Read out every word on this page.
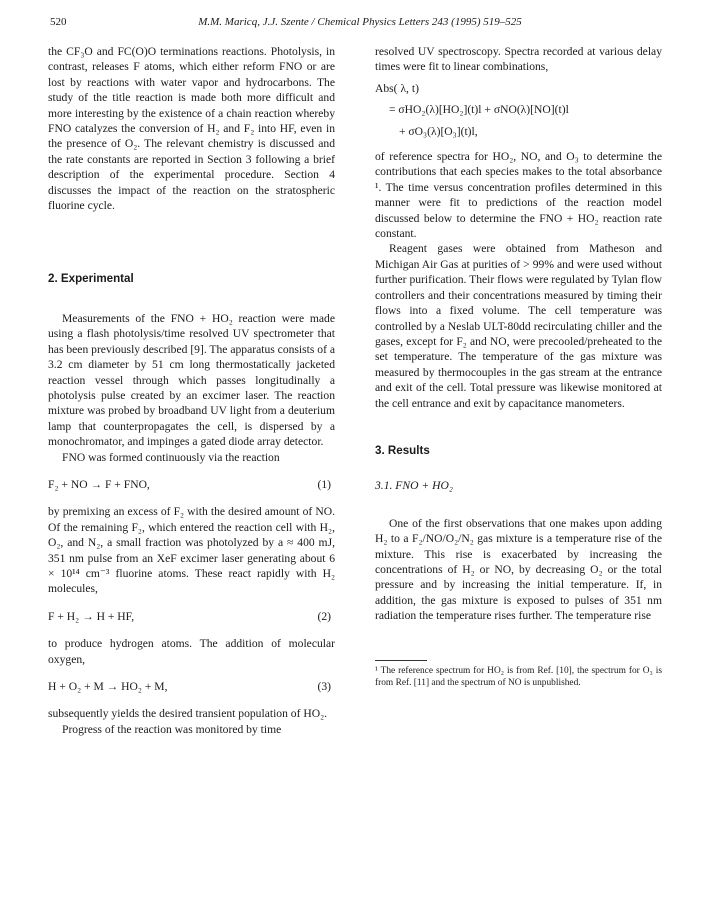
520	M.M. Maricq, J.J. Szente / Chemical Physics Letters 243 (1995) 519–525

the CF₃O and FC(O)O terminations reactions. Photolysis, in contrast, releases F atoms, which either reform FNO or are lost by reactions with water vapor and hydrocarbons. The study of the title reaction is made both more difficult and more interesting by the existence of a chain reaction whereby FNO catalyzes the conversion of H₂ and F₂ into HF, even in the presence of O₂. The relevant chemistry is discussed and the rate constants are reported in Section 3 following a brief description of the experimental procedure. Section 4 discusses the impact of the reaction on the stratospheric fluorine cycle.

2. Experimental

Measurements of the FNO + HO₂ reaction were made using a flash photolysis/time resolved UV spectrometer that has been previously described [9]. The apparatus consists of a 3.2 cm diameter by 51 cm long thermostatically jacketed reaction vessel through which passes longitudinally a photolysis pulse created by an excimer laser. The reaction mixture was probed by broadband UV light from a deuterium lamp that counterpropagates the cell, is dispersed by a monochromator, and impinges a gated diode array detector.

FNO was formed continuously via the reaction

F₂ + NO → F + FNO,	(1)

by premixing an excess of F₂ with the desired amount of NO. Of the remaining F₂, which entered the reaction cell with H₂, O₂, and N₂, a small fraction was photolyzed by a ≈ 400 mJ, 351 nm pulse from an XeF excimer laser generating about 6 × 10¹⁴ cm⁻³ fluorine atoms. These react rapidly with H₂ molecules,

F + H₂ → H + HF,	(2)

to produce hydrogen atoms. The addition of molecular oxygen,

H + O₂ + M → HO₂ + M,	(3)

subsequently yields the desired transient population of HO₂.

Progress of the reaction was monitored by time

resolved UV spectroscopy. Spectra recorded at various delay times were fit to linear combinations,

Abs( λ, t)
= σHO₂(λ)[HO₂](t)l + σNO(λ)[NO](t)l
+ σO₃(λ)[O₃](t)l,

of reference spectra for HO₂, NO, and O₃ to determine the contributions that each species makes to the total absorbance ¹. The time versus concentration profiles determined in this manner were fit to predictions of the reaction model discussed below to determine the FNO + HO₂ reaction rate constant.

Reagent gases were obtained from Matheson and Michigan Air Gas at purities of > 99% and were used without further purification. Their flows were regulated by Tylan flow controllers and their concentrations measured by timing their flows into a fixed volume. The cell temperature was controlled by a Neslab ULT-80dd recirculating chiller and the gases, except for F₂ and NO, were precooled/preheated to the set temperature. The temperature of the gas mixture was measured by thermocouples in the gas stream at the entrance and exit of the cell. Total pressure was likewise monitored at the cell entrance and exit by capacitance manometers.

3. Results
3.1. FNO + HO₂

One of the first observations that one makes upon adding H₂ to a F₂/NO/O₂/N₂ gas mixture is a temperature rise of the mixture. This rise is exacerbated by increasing the concentrations of H₂ or NO, by decreasing O₂ or the total pressure and by increasing the initial temperature. If, in addition, the gas mixture is exposed to pulses of 351 nm radiation the temperature rises further. The temperature rise

¹ The reference spectrum for HO₂ is from Ref. [10], the spectrum for O₃ is from Ref. [11] and the spectrum of NO is unpublished.
